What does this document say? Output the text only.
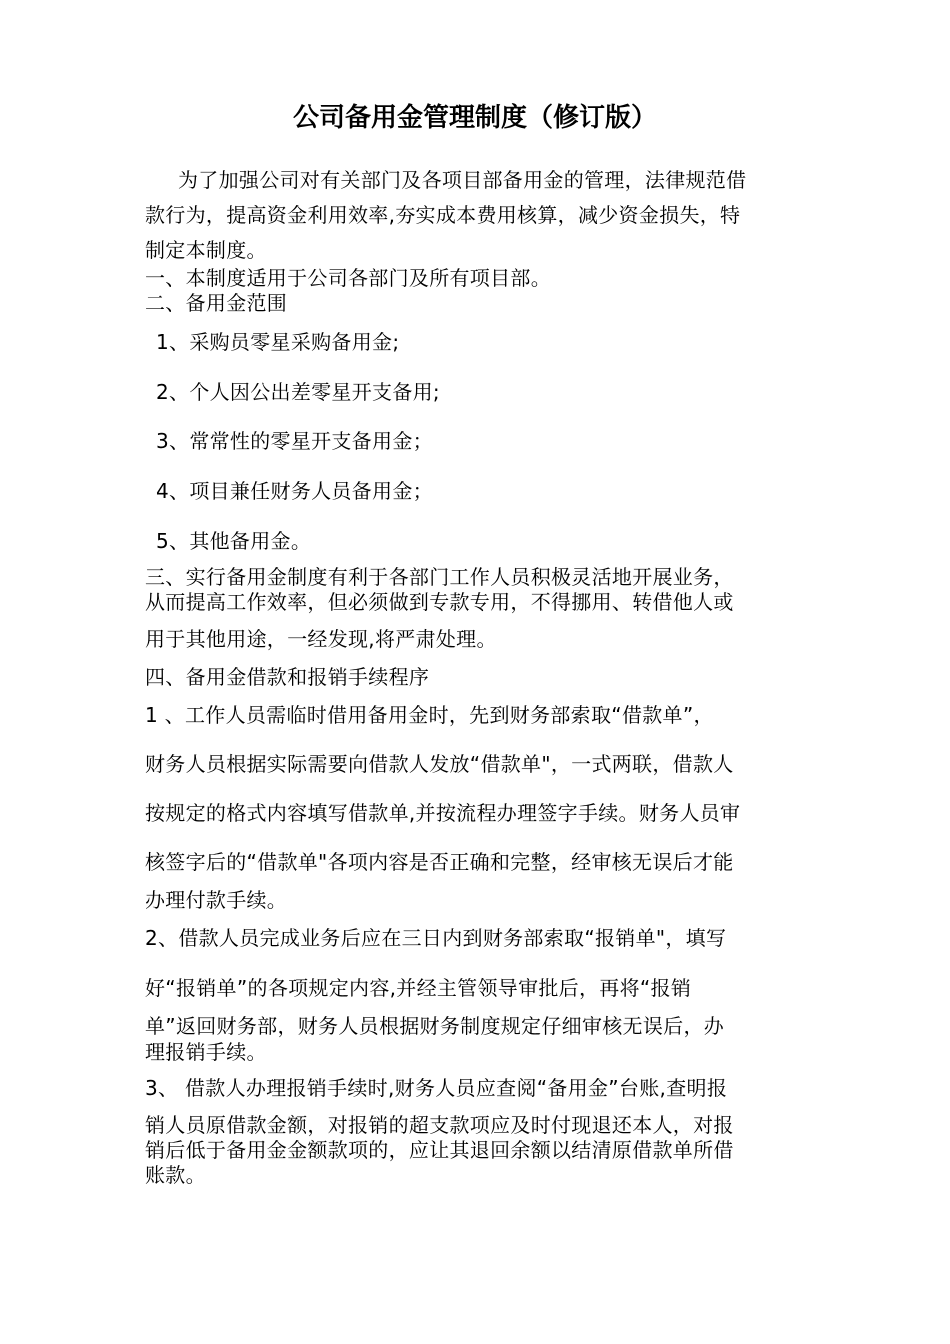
公司备用金管理制度（修订版）
为了加强公司对有关部门及各项目部备用金的管理，法律规范借
款行为，提高资金利用效率,夯实成本费用核算，减少资金损失，特
制定本制度。
一、本制度适用于公司各部门及所有项目部。
二、备用金范围
1、采购员零星采购备用金;
2、个人因公出差零星开支备用;
3、常常性的零星开支备用金；
4、项目兼任财务人员备用金；
5、其他备用金。
三、实行备用金制度有利于各部门工作人员积极灵活地开展业务，
从而提高工作效率，但必须做到专款专用，不得挪用、转借他人或
用于其他用途，一经发现,将严肃处理。
四、备用金借款和报销手续程序
1 、工作人员需临时借用备用金时，先到财务部索取“借款单”，
财务人员根据实际需要向借款人发放“借款单"，一式两联，借款人
按规定的格式内容填写借款单,并按流程办理签字手续。财务人员审
核签字后的“借款单"各项内容是否正确和完整，经审核无误后才能
办理付款手续。
2、借款人员完成业务后应在三日内到财务部索取“报销单"，填写
好“报销单”的各项规定内容,并经主管领导审批后，再将“报销
单”返回财务部，财务人员根据财务制度规定仔细审核无误后，办
理报销手续。
3、 借款人办理报销手续时,财务人员应查阅“备用金”台账,查明报
销人员原借款金额，对报销的超支款项应及时付现退还本人，对报
销后低于备用金金额款项的，应让其退回余额以结清原借款单所借
账款。
